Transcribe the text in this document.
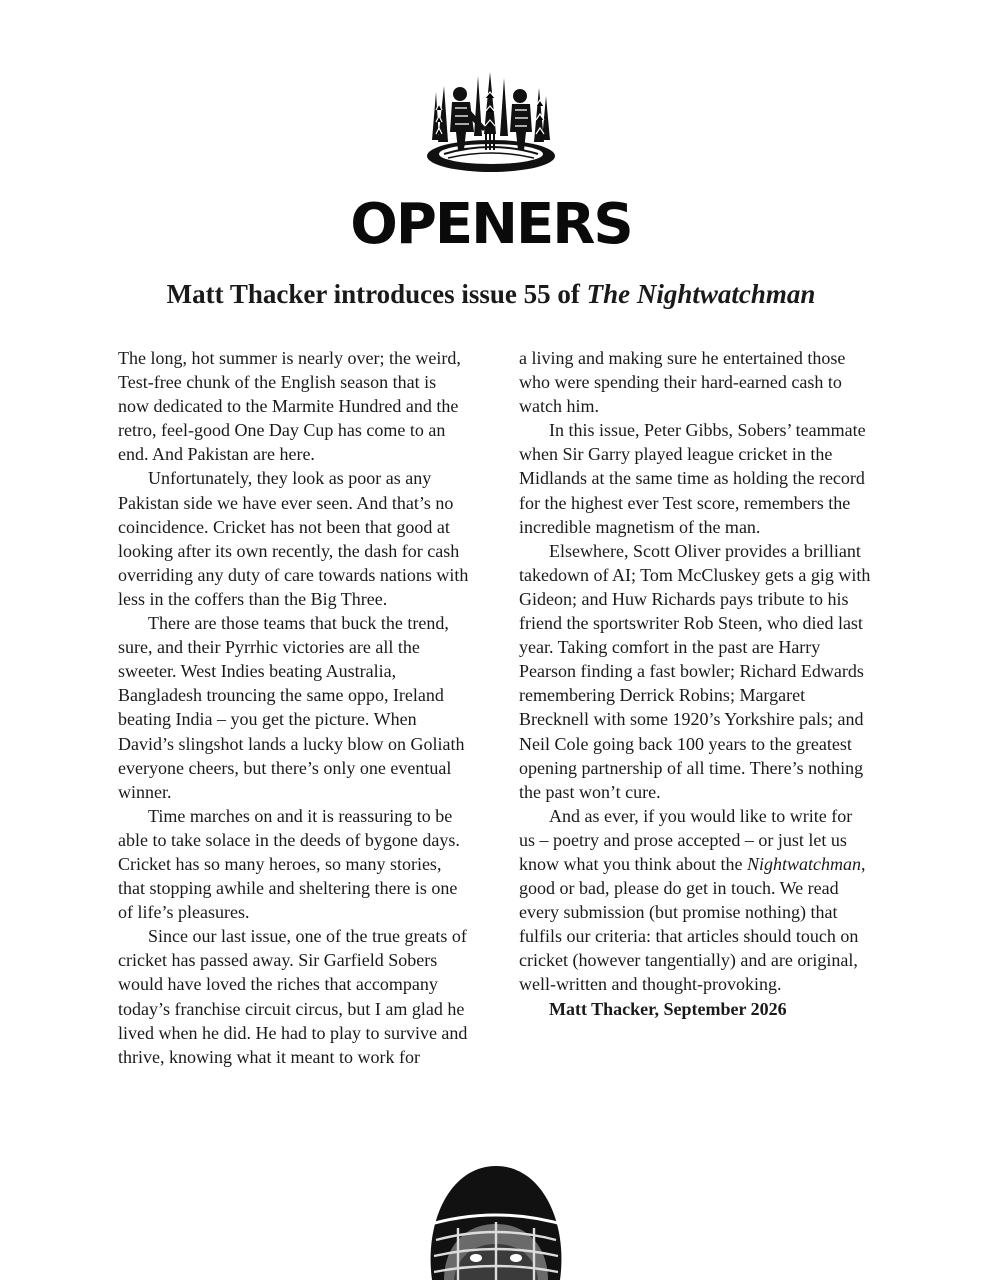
OPENERS
Matt Thacker introduces issue 55 of The Nightwatchman

The long, hot summer is nearly over; the weird, Test-free chunk of the English season that is now dedicated to the Marmite Hundred and the retro, feel-good One Day Cup has come to an end. And Pakistan are here.

Unfortunately, they look as poor as any Pakistan side we have ever seen. And that’s no coincidence. Cricket has not been that good at looking after its own recently, the dash for cash overriding any duty of care towards nations with less in the coffers than the Big Three.

There are those teams that buck the trend, sure, and their Pyrrhic victories are all the sweeter. West Indies beating Australia, Bangladesh trouncing the same oppo, Ireland beating India – you get the picture. When David’s slingshot lands a lucky blow on Goliath everyone cheers, but there’s only one eventual winner.

Time marches on and it is reassuring to be able to take solace in the deeds of bygone days. Cricket has so many heroes, so many stories, that stopping awhile and sheltering there is one of life’s pleasures.

Since our last issue, one of the true greats of cricket has passed away. Sir Garfield Sobers would have loved the riches that accompany today’s franchise circuit circus, but I am glad he lived when he did. He had to play to survive and thrive, knowing what it meant to work for

a living and making sure he entertained those who were spending their hard-earned cash to watch him.

In this issue, Peter Gibbs, Sobers’ teammate when Sir Garry played league cricket in the Midlands at the same time as holding the record for the highest ever Test score, remembers the incredible magnetism of the man.

Elsewhere, Scott Oliver provides a brilliant takedown of AI; Tom McCluskey gets a gig with Gideon; and Huw Richards pays tribute to his friend the sportswriter Rob Steen, who died last year. Taking comfort in the past are Harry Pearson finding a fast bowler; Richard Edwards remembering Derrick Robins; Margaret Brecknell with some 1920’s Yorkshire pals; and Neil Cole going back 100 years to the greatest opening partnership of all time. There’s nothing the past won’t cure.

And as ever, if you would like to write for us – poetry and prose accepted – or just let us know what you think about the Nightwatchman, good or bad, please do get in touch. We read every submission (but promise nothing) that fulfils our criteria: that articles should touch on cricket (however tangentially) and are original, well-written and thought-provoking.

Matt Thacker, September 2026
